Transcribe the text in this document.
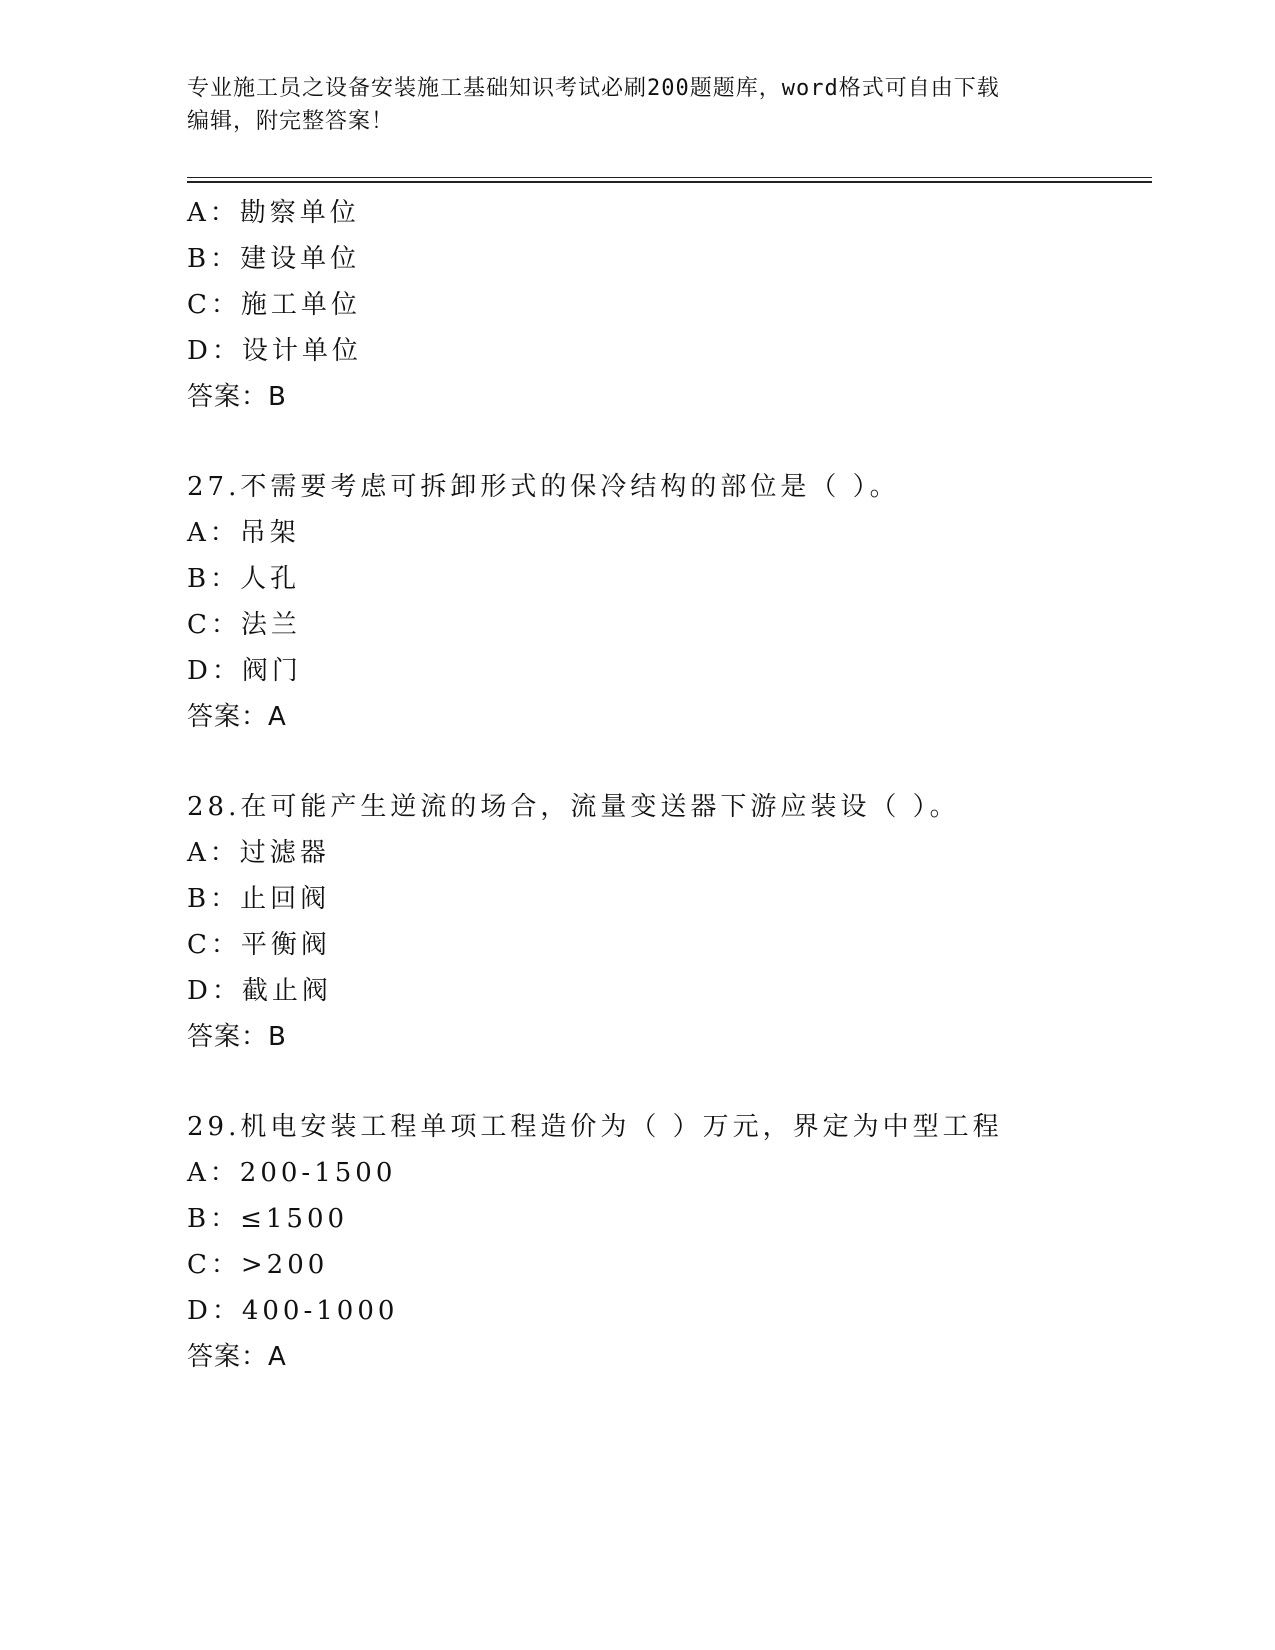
专业施工员之设备安装施工基础知识考试必刷200题题库，word格式可自由下载
编辑，附完整答案！
A：勘察单位
B：建设单位
C：施工单位
D：设计单位
答案：B
27.不需要考虑可拆卸形式的保冷结构的部位是（ ）。
A：吊架
B：人孔
C：法兰
D：阀门
答案：A
28.在可能产生逆流的场合，流量变送器下游应装设（ ）。
A：过滤器
B：止回阀
C：平衡阀
D：截止阀
答案：B
29.机电安装工程单项工程造价为（ ）万元，界定为中型工程
A：200-1500
B：≤1500
C：>200
D：400-1000
答案：A
